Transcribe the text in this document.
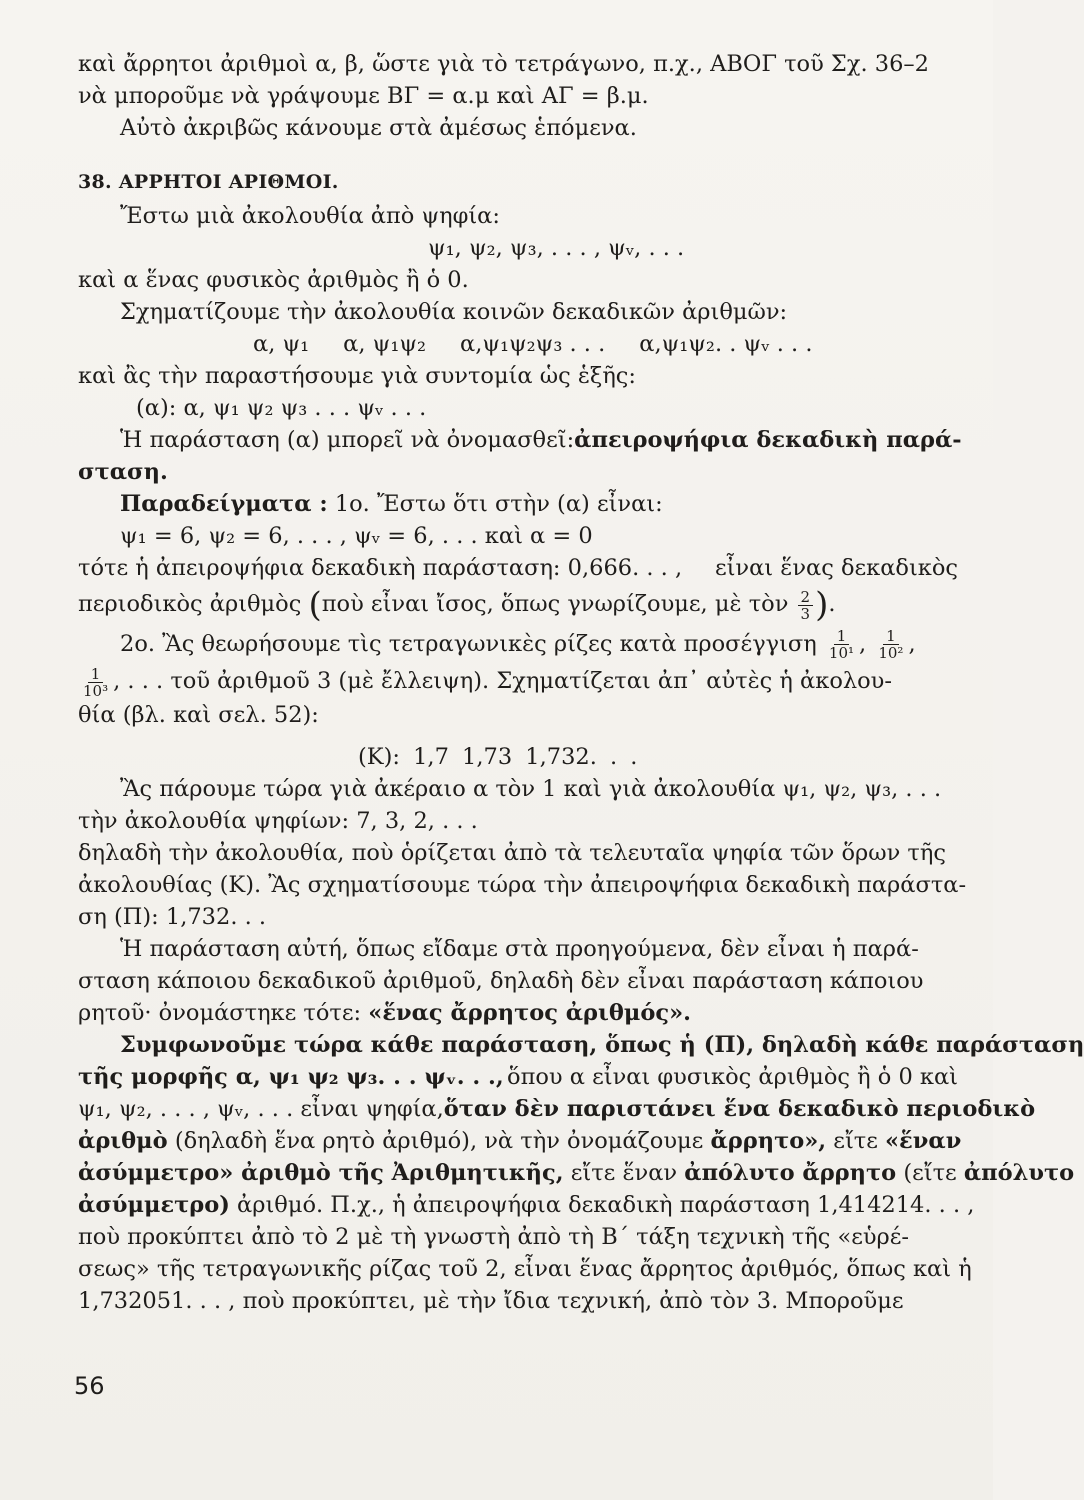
καὶ ἄρρητοι ἀριθμοὶ α, β, ὥστε γιὰ τὸ τετράγωνο, π.χ., ΑΒΟΓ τοῦ Σχ. 36–2
νὰ μποροῦμε νὰ γράψουμε ΒΓ = α.μ καὶ ΑΓ = β.μ.
Αὐτὸ ἀκριβῶς κάνουμε στὰ ἀμέσως ἑπόμενα.
38. ΑΡΡΗΤΟΙ ΑΡΙΘΜΟΙ.
Ἔστω μιὰ ἀκολουθία ἀπὸ ψηφία:
ψ₁, ψ₂, ψ₃, . . . , ψᵥ, . . .
καὶ α ἕνας φυσικὸς ἀριθμὸς ἢ ὁ 0.
Σχηματίζουμε τὴν ἀκολουθία κοινῶν δεκαδικῶν ἀριθμῶν:
α, ψ₁ α, ψ₁ψ₂ α,ψ₁ψ₂ψ₃ . . . α,ψ₁ψ₂. . ψᵥ . . .
καὶ ἂς τὴν παραστήσουμε γιὰ συντομία ὡς ἑξῆς:
(α): α, ψ₁ ψ₂ ψ₃ . . . ψᵥ . . .
Ἡ παράσταση (α) μπορεῖ νὰ ὀνομασθεῖ: ἀπειροψήφια δεκαδικὴ παρά-
σταση.
Παραδείγματα : 1ο. Ἔστω ὅτι στὴν (α) εἶναι:
ψ₁ = 6, ψ₂ = 6, . . . , ψᵥ = 6, . . . καὶ α = 0
τότε ἡ ἀπειροψήφια δεκαδικὴ παράσταση: 0,666. . . , εἶναι ἕνας δεκαδικὸς
περιοδικὸς ἀριθμὸς (ποὺ εἶναι ἴσος, ὅπως γνωρίζουμε, μὲ τὸν $\frac{2}{3}$ ).
2ο. Ἂς θεωρήσουμε τὶς τετραγωνικὲς ρίζες κατὰ προσέγγιση $\frac{1}{\text{10¹}}$ , $\frac{1}{\text{10²}}$ ,
$\frac{1}{\text{10³}}$ , . . . τοῦ ἀριθμοῦ 3 (μὲ ἔλλειψη). Σχηματίζεται ἀπ᾽ αὐτὲς ἡ ἀκολου-
θία (βλ. καὶ σελ. 52):
(Κ): 1,7 1,73 1,732. . .
Ἂς πάρουμε τώρα γιὰ ἀκέραιο α τὸν 1 καὶ γιὰ ἀκολουθία ψ₁, ψ₂, ψ₃, . . .
τὴν ἀκολουθία ψηφίων: 7, 3, 2, . . .
δηλαδὴ τὴν ἀκολουθία, ποὺ ὁρίζεται ἀπὸ τὰ τελευταῖα ψηφία τῶν ὅρων τῆς
ἀκολουθίας (Κ). Ἂς σχηματίσουμε τώρα τὴν ἀπειροψήφια δεκαδικὴ παράστα-
ση (Π): 1,732. . .
Ἡ παράσταση αὐτή, ὅπως εἴδαμε στὰ προηγούμενα, δὲν εἶναι ἡ παρά-
σταση κάποιου δεκαδικοῦ ἀριθμοῦ, δηλαδὴ δὲν εἶναι παράσταση κάποιου
ρητοῦ· ὀνομάστηκε τότε: «ἕνας ἄρρητος ἀριθμός».
Συμφωνοῦμε τώρα κάθε παράσταση, ὅπως ἡ (Π), δηλαδὴ κάθε παράσταση
τῆς μορφῆς α, ψ₁ ψ₂ ψ₃. . . ψᵥ. . ., ὅπου α εἶναι φυσικὸς ἀριθμὸς ἢ ὁ 0 καὶ
ψ₁, ψ₂, . . . , ψᵥ, . . . εἶναι ψηφία, ὅταν δὲν παριστάνει ἕνα δεκαδικὸ περιοδικὸ
ἀριθμὸ (δηλαδὴ ἕνα ρητὸ ἀριθμό), νὰ τὴν ὀνομάζουμε ἄρρητο», εἴτε «ἕναν
ἀσύμμετρο» ἀριθμὸ τῆς Ἀριθμητικῆς, εἴτε ἕναν ἀπόλυτο ἄρρητο (εἴτε ἀπόλυτο
ἀσύμμετρο) ἀριθμό. Π.χ., ἡ ἀπειροψήφια δεκαδικὴ παράσταση 1,414214. . . ,
ποὺ προκύπτει ἀπὸ τὸ 2 μὲ τὴ γνωστὴ ἀπὸ τὴ Β΄ τάξη τεχνικὴ τῆς «εὑρέ-
σεως» τῆς τετραγωνικῆς ρίζας τοῦ 2, εἶναι ἕνας ἄρρητος ἀριθμός, ὅπως καὶ ἡ
1,732051. . . , ποὺ προκύπτει, μὲ τὴν ἴδια τεχνική, ἀπὸ τὸν 3. Μποροῦμε
56
